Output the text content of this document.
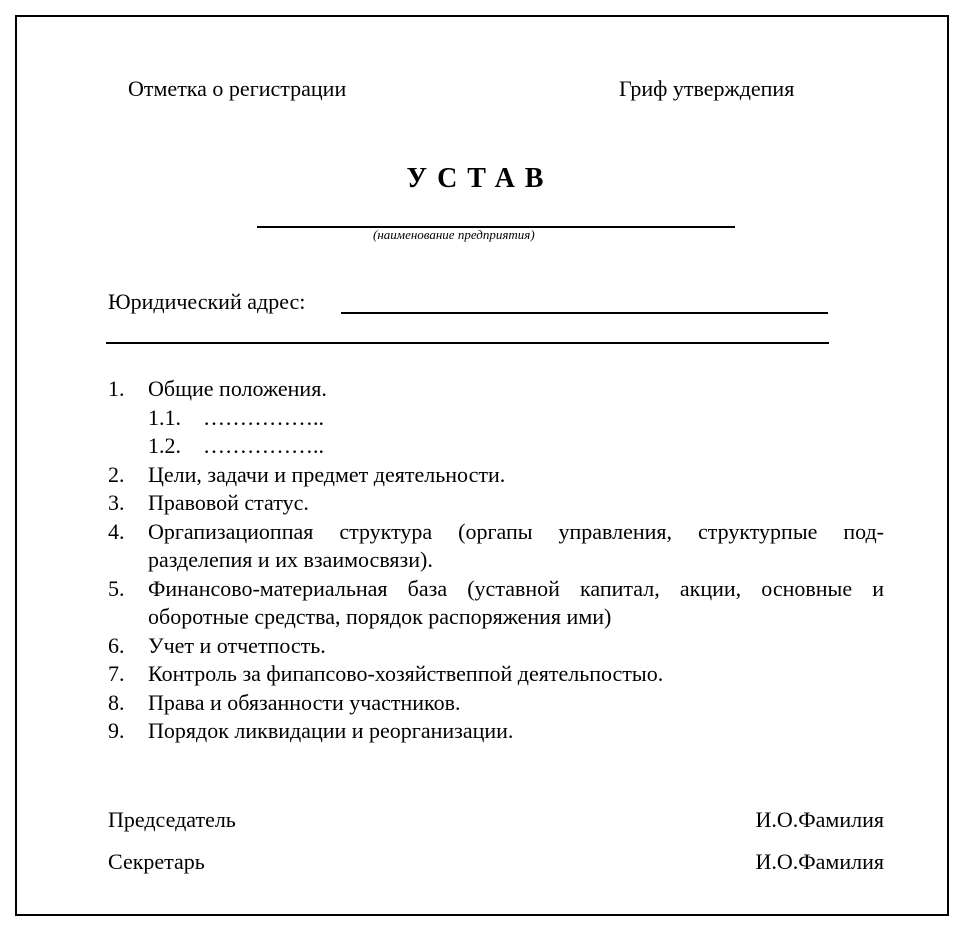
Отметка о регистрации	Гриф утверждепия
УСТАВ
(наименование предприятия)
Юридический адрес:
1. Общие положения.
1.1. ……………..
1.2. ……………..
2. Цели, задачи и предмет деятельности.
3. Правовой статус.
4. Оргапизациоппая структура (оргапы управления, структурпые под-разделепия и их взаимосвязи).
5. Финансово-материальная база (уставной капитал, акции, основные и оборотные средства, порядок распоряжения ими)
6. Учет и отчетпость.
7. Контроль за фипапсово-хозяйствеппой деятельпостыо.
8. Права и обязанности участников.
9. Порядок ликвидации и реорганизации.
Председатель	И.О.Фамилия
Секретарь	И.О.Фамилия
